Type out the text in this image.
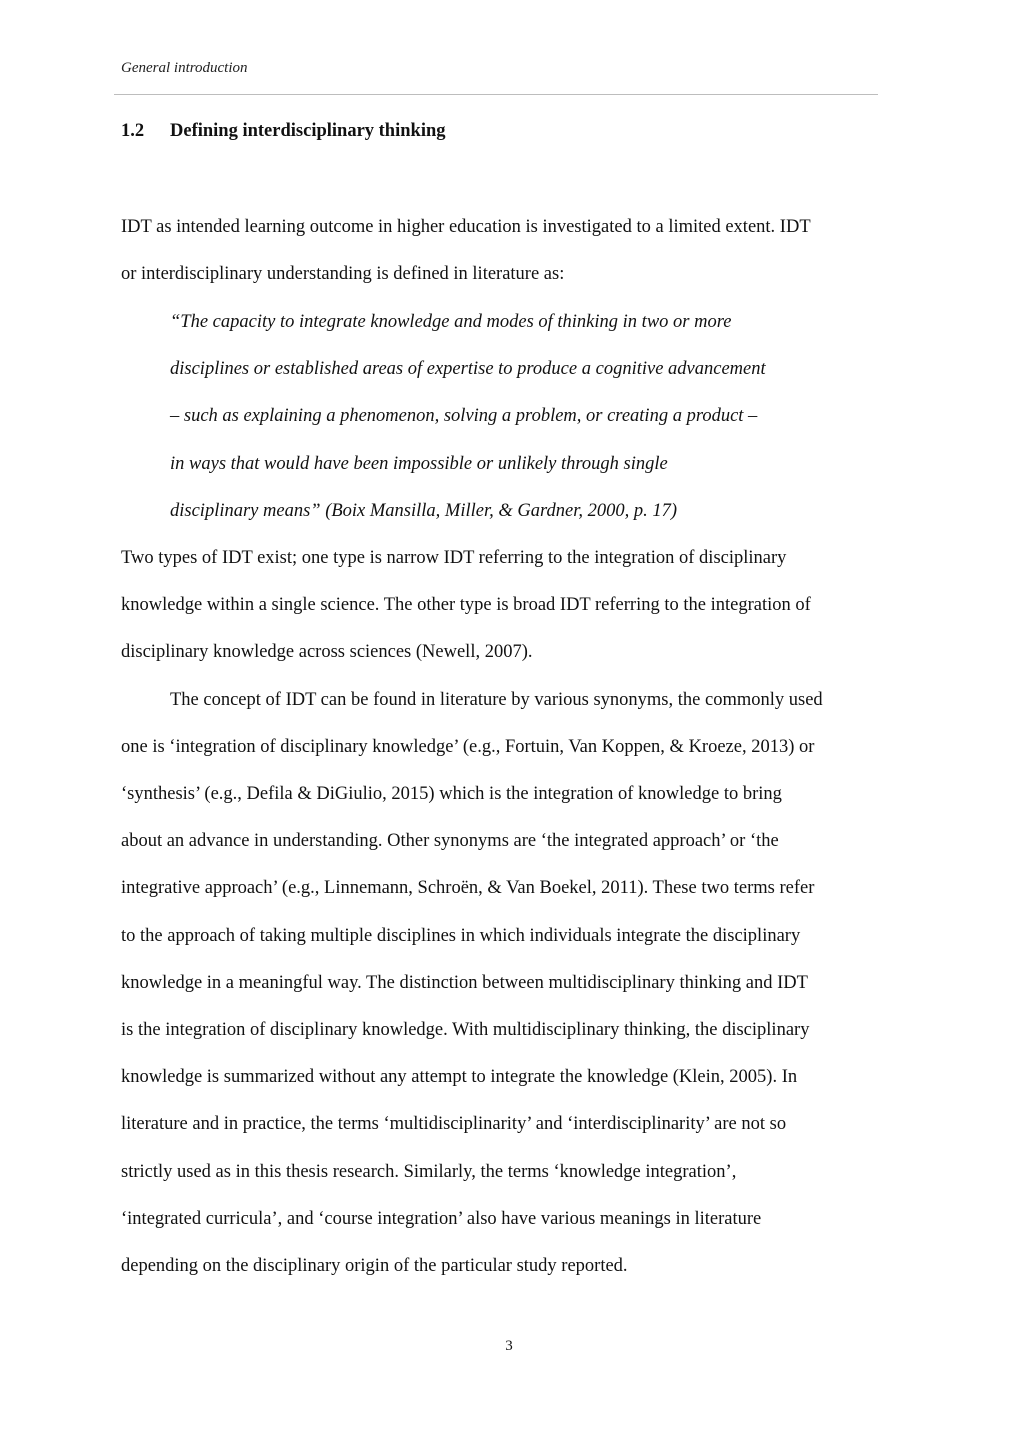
General introduction
1.2 Defining interdisciplinary thinking
IDT as intended learning outcome in higher education is investigated to a limited extent. IDT
or interdisciplinary understanding is defined in literature as:
“The capacity to integrate knowledge and modes of thinking in two or more
disciplines or established areas of expertise to produce a cognitive advancement
– such as explaining a phenomenon, solving a problem, or creating a product –
in ways that would have been impossible or unlikely through single
disciplinary means” (Boix Mansilla, Miller, & Gardner, 2000, p. 17)
Two types of IDT exist; one type is narrow IDT referring to the integration of disciplinary
knowledge within a single science. The other type is broad IDT referring to the integration of
disciplinary knowledge across sciences (Newell, 2007).
The concept of IDT can be found in literature by various synonyms, the commonly used
one is ‘integration of disciplinary knowledge’ (e.g., Fortuin, Van Koppen, & Kroeze, 2013) or
‘synthesis’ (e.g., Defila & DiGiulio, 2015) which is the integration of knowledge to bring
about an advance in understanding. Other synonyms are ‘the integrated approach’ or ‘the
integrative approach’ (e.g., Linnemann, Schroën, & Van Boekel, 2011). These two terms refer
to the approach of taking multiple disciplines in which individuals integrate the disciplinary
knowledge in a meaningful way. The distinction between multidisciplinary thinking and IDT
is the integration of disciplinary knowledge. With multidisciplinary thinking, the disciplinary
knowledge is summarized without any attempt to integrate the knowledge (Klein, 2005). In
literature and in practice, the terms ‘multidisciplinarity’ and ‘interdisciplinarity’ are not so
strictly used as in this thesis research. Similarly, the terms ‘knowledge integration’,
‘integrated curricula’, and ‘course integration’ also have various meanings in literature
depending on the disciplinary origin of the particular study reported.
3
